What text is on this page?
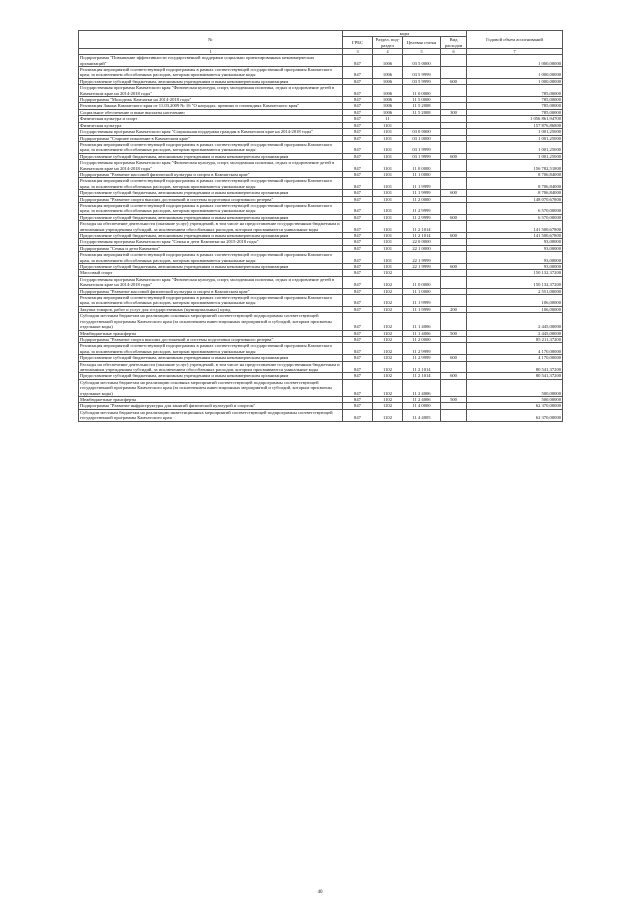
№	коды				Годовой объем ассигнований
	ГРБС	Раздел, под-раздел	Целевая статья	Вид расходов	
1	3	4	5	6	7
Подпрограмма "Повышение эффективности государственной поддержки социально ориентированных некоммерческих организаций"	847	1006	03 5 0000		1 000,00000
Реализация мероприятий соответствующей подпрограммы в рамках соответствующей государственной программы Камчатского края, за исключением обособленных расходов, которым присваиваются уникальные коды	847	1006	03 5 9999		1 000,00000
Предоставление субсидий бюджетным, автономным учреждениям и иным некоммерческим организациям	847	1006	03 5 9999	600	1 000,00000
Государственная программа Камчатского края "Физическая культура, спорт, молодежная политика, отдых и оздоровление детей в Камчатском крае на 2014-2018 годы"	847	1006	11 0 0000		785,00000
Подпрограмма "Молодежь Камчатки на 2014-2018 годы"	847	1006	11 5 0000		785,00000
Реализация Закона Камчатского края от 11.03.2009 № 16 "О наградах, премиях и стипендиях Камчатского края"	847	1006	11 5 2008		785,00000
Социальное обеспечение и иные выплаты населению	847	1006	11 5 2008	300	785,00000
Физическая культура и спорт	847	11			1 056 861,94700
Физическая культура	847	1101			157 876,86800
Государственная программа Камчатского края "Социальная поддержка граждан в Камчатском крае на 2014-2018 годы"	847	1101	03 0 0000		1 001,25000
Подпрограмма "Старшее поколение в Камчатском крае"	847	1101	03 1 0000		1 001,25000
Реализация мероприятий соответствующей подпрограммы в рамках соответствующей государственной программы Камчатского края, за исключением обособленных расходов, которым присваиваются уникальные коды	847	1101	03 1 9999		1 001,25000
Предоставление субсидий бюджетным, автономным учреждениям и иным некоммерческим организациям	847	1101	03 1 9999	600	1 001,25000
Государственная программа Камчатского края "Физическая культура, спорт, молодежная политика, отдых и оздоровление детей в Камчатском крае на 2014-2018 годы"	847	1101	11 0 0000		156 782,51800
Подпрограмма "Развитие массовой физической культуры и спорта в Камчатском крае"	847	1101	11 1 0000		8 706,84000
Реализация мероприятий соответствующей подпрограммы в рамках соответствующей государственной программы Камчатского края, за исключением обособленных расходов, которым присваиваются уникальные коды	847	1101	11 1 9999		8 706,84000
Предоставление субсидий бюджетным, автономным учреждениям и иным некоммерческим организациям	847	1101	11 1 9999	600	8 706,84000
Подпрограмма "Развитие спорта высших достижений и системы подготовки спортивного резерва"	847	1101	11 2 0000		148 070,67800
Реализация мероприятий соответствующей подпрограммы в рамках соответствующей государственной программы Камчатского края, за исключением обособленных расходов, которым присваиваются уникальные коды	847	1101	11 2 9999		6 570,00000
Предоставление субсидий бюджетным, автономным учреждениям и иным некоммерческим организациям	847	1101	11 2 9999	600	6 570,00000
Расходы на обеспечение деятельности (оказание услуг) учреждений, в том числе на предоставление государственным бюджетным и автономным учреждениям субсидий, за исключением обособленных расходов, которым присваиваются уникальные коды	847	1101	11 2 1014		141 500,67800
Предоставление субсидий бюджетным, автономным учреждениям и иным некоммерческим организациям	847	1101	11 2 1014	600	141 500,67800
Государственная программа Камчатского края "Семья и дети Камчатки на 2015-2018 годы"	847	1101	22 0 0000		93,00000
Подпрограмма "Семья и дети Камчатки"	847	1101	22 1 0000		93,00000
Реализация мероприятий соответствующей подпрограммы в рамках соответствующей государственной программы Камчатского края, за исключением обособленных расходов, которым присваиваются уникальные коды	847	1101	22 1 9999		93,00000
Предоставление субсидий бюджетным, автономным учреждениям и иным некоммерческим организациям	847	1101	22 1 9999	600	93,00000
Массовый спорт	847	1102			150 132,37200
Государственная программа Камчатского края "Физическая культура, спорт, молодежная политика, отдых и оздоровление детей в Камчатском крае на 2014-2018 годы"	847	1102	11 0 0000		150 132,37200
Подпрограмма "Развитие массовой физической культуры и спорта в Камчатском крае"	847	1102	11 1 0000		2 551,00000
Реализация мероприятий соответствующей подпрограммы в рамках соответствующей государственной программы Камчатского края, за исключением обособленных расходов, которым присваиваются уникальные коды	847	1102	11 1 9999		106,00000
Закупка товаров, работ и услуг для государственных (муниципальных) нужд	847	1102	11 1 9999	200	106,00000
Субсидии местным бюджетам на реализацию основных мероприятий соответствующей подпрограммы соответствующей государственной программы Камчатского края (за исключением инвестиционных мероприятий и субсидий, которым присвоены отдельные коды)	847	1102	11 1 4006		2 445,00000
Межбюджетные трансферты	847	1102	11 1 4006	500	2 445,00000
Подпрограмма "Развитие спорта высших достижений и системы подготовки спортивного резерва"	847	1102	11 2 0000		85 211,37200
Реализация мероприятий соответствующей подпрограммы в рамках соответствующей государственной программы Камчатского края, за исключением обособленных расходов, которым присваиваются уникальные коды	847	1102	11 2 9999		4 170,00000
Предоставление субсидий бюджетным, автономным учреждениям и иным некоммерческим организациям	847	1102	11 2 9999	600	4 170,00000
Расходы на обеспечение деятельности (оказание услуг) учреждений, в том числе на предоставление государственным бюджетным и автономным учреждениям субсидий, за исключением обособленных расходов, которым присваиваются уникальные коды	847	1102	11 2 1014		80 541,37200
Предоставление субсидий бюджетным, автономным учреждениям и иным некоммерческим организациям	847	1102	11 2 1014	600	80 541,37200
Субсидии местным бюджетам на реализацию основных мероприятий соответствующей подпрограммы соответствующей государственной программы Камчатского края (за исключением инвестиционных мероприятий и субсидий, которым присвоены отдельные коды)	847	1102	11 2 4006		500,00000
Межбюджетные трансферты	847	1102	11 2 4006	500	500,00000
Подпрограмма "Развитие инфраструктуры для занятий физической культурой и спортом"	847	1102	11 4 0000		62 370,00000
Субсидии местным бюджетам на реализацию инвестиционных мероприятий соответствующей подпрограммы соответствующей государственной программы Камчатского края	847	1102	11 4 4005		62 370,00000
40
